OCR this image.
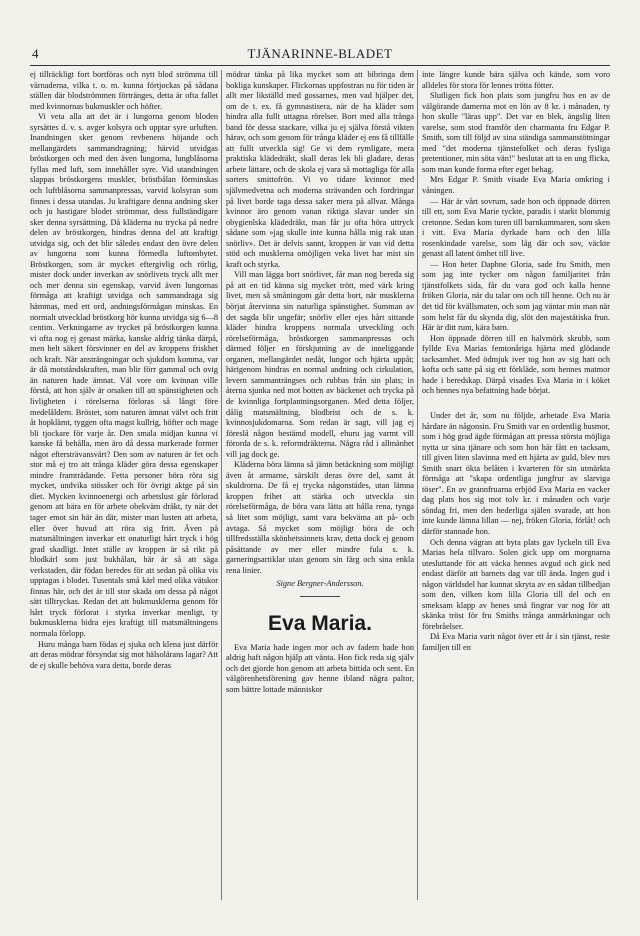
4	TJÄNARINNE-BLADET

ej tillräckligt fort bortföras och nytt blod strömma till värnaderna, vilka t. o. m. kunna förtjockas på sådana ställen där blodströmmen förtränges, detta är ofta fallet med kvinnornas bukmuskler och höfter.

Vi veta alla att det är i lungorna genom bloden syrsättes d. v. s. avger kolsyra och upptar syre urluften. Inandningen sker genom revbenens höjande och mellangärdets sammandragning; härvid utvidgas bröstkorgen och med den även lungorna, lungblåsorna fyllas med luft, som innehåller syre. Vid utandningen slappas bröstkorgens muskler, bröstbålan förminskas och luftblåsorna sammanpressas, varvid kolsyran som finnes i dessa utandas. Ju kraftigare denna andning sker och ju hastigare blodet strömmar, dess fullständigare sker denna syrsättning. Då kläderna nu trycka på nedre delen av bröstkorgen, hindras denna del att kraftigt utvidga sig, och det blir således endast den övre delen av lungorna som kunna förmedla luftombytet. Bröstkorgen, som är mycket eftergivlig och rörlig, mister dock under inverkan av snörlivets tryck allt mer och mer denna sin egenskap, varvid även lungornas förmåga att kraftigt utvidga och sammandraga sig hämmas, med ett ord, andningsförmågan minskas. En normalt utvecklad bröstkorg hör kunna utvidga sig 6—8 centim. Verkningarne av trycket på bröstkorgen kunna vi ofta nog ej genast märka, kanske aldrig tänka därpå, men helt säkert försvinner en del av kroppens friskhet och kraft. När ansträngningar och sjukdom komma, var är då motståndskraften, man blir förr gammal och ovig än naturen hade ämnat. Väl vore om kvinnan ville förstå, att hon själv är orsaken till att spänstigheten och livligheten i rörelserna förloras så långt före medelåldern. Bröstet, som naturen ämnat välvt och fritt åt hopklämt, tyggen ofta magst kullrig, höfter och mage bli tjockare för varje år. Den smala midjan kunna vi kanske få behålla, men äro då dessa markerade former något eftersträvansvärt? Den som av naturen är fet och stor må ej tro att trånga kläder göra dessa egenskaper mindre framträdande. Fetta personer böra röra sig mycket, undvika stössker och för övrigt aktge på sin diet. Mycken kvinnoenergi och arbetslust går förlorad genom att bära en för arbete obekväm dräkt, ty när det tager emot sin här än där, mister man lusten att arbeta, eller över huvud att röra sig fritt. Även på matsmältningen inverkar ett onaturligt hårt tryck i hög grad skadligt. Intet ställe av kroppen är så rikt på blodkärl som just bukhålan, här är så att säga verkstaden, där födan beredes för att sedan på olika vis upptagas i blodet. Tusentals små kärl med olika vätskor finnas här, och det är till stor skada om dessa på något sätt tilltryckas. Redan det att bukmusklerna genom för hårt tryck förlorat i styrka inverkar menligt, ty bukmusklerna bidra ejes kraftigt till matsmältningens normala förlopp.

Huru många barn födas ej sjuka och klena just därför att deras mödrar försyndat sig mot hälsolärans lagar? Att de ej skulle behöva vara detta, borde deras

mödrar tänka på lika mycket som att bibringa dem bokliga kunskaper. Flickornas uppfostran nu för tiden är allt mer likställd med gossarnes, men vad hjälper det, om de t. ex. få gymnastisera, när de ha kläder som hindra alla fullt uttagna rörelser. Bort med alla trånga band för dessa stackare, vilka ju ej själva förstå vikten härav, och som genom för trånga kläder ej ens få tillfälle att fullt utveckla sig! Ge vi dem rymligare, mera praktiska klädedräkt, skall deras lek bli gladare, deras arbete lättare, och de skola ej vara så mottagliga för alla sorters smittofrön. Vi vo tidare kvinnor med självmedvetna och moderna strävanden och fordringar på livet borde taga dessa saker mera på allvar. Många kvinnor äro genom vanan riktiga slavar under sin obygienlska klädedräkt, man får ju ofta höra uttryck sådane som »jag skulle inte kunna hålla mig rak utan snörliv». Det är delvis sannt, kroppen är van vid detta stöd och musklerna omöjligen veka livet har mist sin kraft och styrka.

Vill man lägga bort snörlivet, får man nog bereda sig på att en tid känna sig mycket trött, med värk kring livet, men så småningom går detta bort, när musklerna börjat återvinna sin naturliga spänstighet. Summan av det sagda blir ungefär; snörliv eller ejes hårt sittande kläder hindra kroppens normala utveckling och rörelseförmåga, bröstkorgen sammanpressas och därmed följer en förskjutning av de inneliggande organen, mellangärdet nedåt, lungor och hjärta uppåt; härigenom hindras en normal andning och cirkulation, levern sammanträngses och rubbas från sin plats; in återna sjunka ned mot botten av bäckenet och trycka på de kvinnliga fortplantningsorganen. Med detta följer, dålig matsmältning, blodbrist och de s. k. kvinnosjukdomarna. Som redan är sagt, vill jag ej föreslå någon bestämd modell, ehuru jag varmt vill förorda de s. k. reformdräkterna. Några råd i allmänhet vill jag dock ge.

Kläderna böra lämna så jämn betäckning som möjligt även åt armarne, särskilt deras övre del, samt åt skuldrorna. De få ej trycka någonstädes, utan lämna kroppen frihet att stärka och utveckla sin rörelseförmåga, de böra vara lätta att hålla rena, tynga så litet som möjligt, samt vara bekväma att på- och avtaga. Så mycket som möjligt böra de och tillfredsställa skönhetssinnets krav, detta dock ej genom påsättande av mer eller mindre fula s. k. garneringsartiklar utan genom sin färg och sina enkla rena linier.

Signe Bergner-Andersson.

Eva Maria.

Eva Maria hade ingen mor och av fadern hade hon aldrig haft någon hjälp att vänta. Hon fick reda sig själv och det gjorde hon genom att arbeta bittida och sent. En välgörenhetsförening gav henne ibland några paltor, som bättre lottade människor

inte längre kunde bära själva och kände, som voro alldeles för stora för lennes trötta fötter.

Slutligen fick hon plats som jungfru hos en av de välgörande damerna mot en lön av 8 kr. i månaden, ty hon skulle "läras upp". Det var en blek, ängslig liten varelse, som stod framför den charmanta fru Edgar P. Smith, som till följd av sina ständiga sammanstötningar med "det moderna tjänstefolket och deras fysliga pretentioner, min söta vän!" beslutat att ta en ung flicka, som man kunde forma efter eget behag.

Mrs Edgar P. Smith visade Eva Maria omkring i våningen.

— Här är vårt sovrum, sade hon och öppnade dörren till ett, som Eva Marie tyckte, paradis i starkt blommig cretonne. Sedan kom turen till barnkammaren, som sken i vitt. Eva Maria dyrkade barn och den lilla rosenkindade varelse, som låg där och sov, väckte genast all latent ömhet till live.

— Hon heter Daphne Gloria, sade fru Smith, men som jag inte tycker om någon familjaritet från tjänstfolkets sida, får du vara god och kalla henne fröken Gloria, när du talar om och till henne. Och nu är det tid för kvällsmaten, och som jag väntar min man när som helst får du skynda dig, slöt den majestätiska frun. Här är ditt rum, kära barn.

Hon öppnade dörren till en halvmörk skrubb, som fyllde Eva Marias femtonåriga hjärta med glödande tacksamhet. Med ödmjuk iver tog hon av sig hatt och kofta och satte på sig ett förkläde, som hennes matmor hade i beredskap. Därpå visades Eva Maria in i köket och hennes nya befattning hade börjat.

Under det år, som nu följde, arbetade Eva Maria hårdare än någonsin. Fru Smith var en ordentlig husmor, som i hög grad ägde förmågan att pressa största möjliga nytta ur sina tjänare och som hon här fått en tacksam, till given liten slavinna med ett hjärta av guld, blev mrs Smith snart ökta belåten i kvarteren för sin utmärkta förmåga att "skapa ordentliga jungfrur av slarviga töser". En av grannfruarna erbjöd Eva Maria en vacker dag plats hos sig mot tolv kr. i månaden och varje söndag fri, men den hederliga själen svarade, att hon inte kunde lämna lillan — nej, fröken Gloria, förlåt! och därför stannade hon.

Och denna vägran att byta plats gav lyckeln till Eva Marias hela tillvaro. Solen gick upp om morgnarna utesluttande för att väcka hennes avgud och gick ned endast därför att barnets dag var till ända. Ingen gud i någon världsdel har kunnat skryta av en sådan tillbedjan som den, vilken kom lilla Gloria till del och en smeksam klapp av henes små fingrar var nog för att skänka tröst för fru Smiths trånga anmärkningar och förebråelser.

Då Eva Maria varit något över ett år i sin tjänst, reste familjen till en
